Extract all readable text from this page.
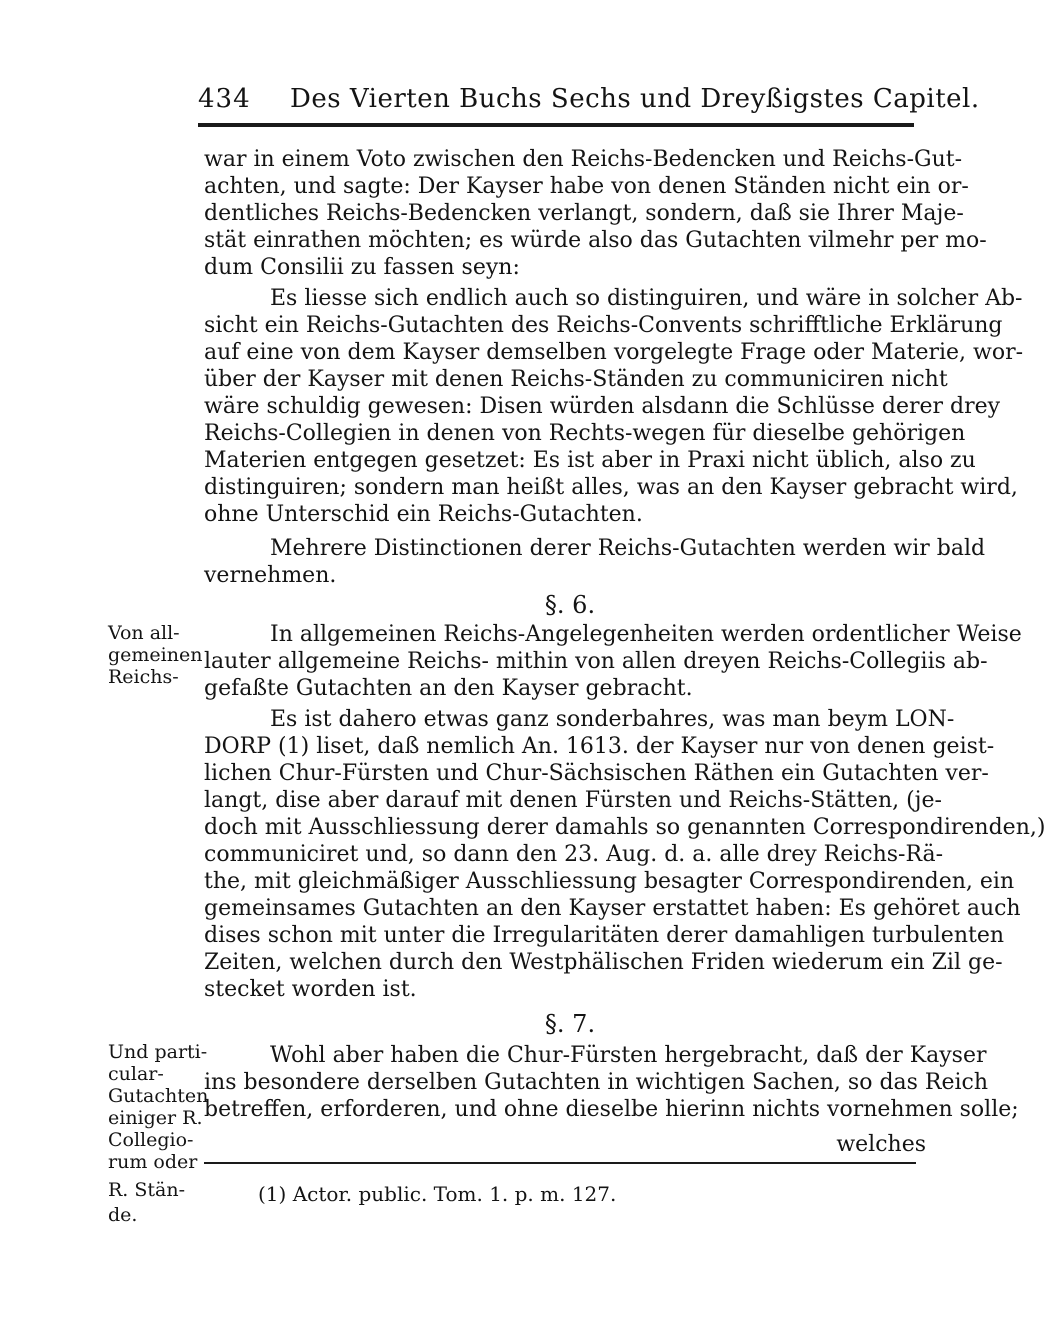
434 Des Vierten Buchs Sechs und Dreyßigstes Capitel.
war in einem Voto zwischen den Reichs-Bedencken und Reichs-Gut-
achten, und sagte: Der Kayser habe von denen Ständen nicht ein or-
dentliches Reichs-Bedencken verlangt, sondern, daß sie Ihrer Maje-
stät einrathen möchten; es würde also das Gutachten vilmehr per mo-
dum Consilii zu fassen seyn:
Es liesse sich endlich auch so distinguiren, und wäre in solcher Ab-
sicht ein Reichs-Gutachten des Reichs-Convents schrifftliche Erklärung
auf eine von dem Kayser demselben vorgelegte Frage oder Materie, wor-
über der Kayser mit denen Reichs-Ständen zu communiciren nicht
wäre schuldig gewesen: Disen würden alsdann die Schlüsse derer drey
Reichs-Collegien in denen von Rechts-wegen für dieselbe gehörigen
Materien entgegen gesetzet: Es ist aber in Praxi nicht üblich, also zu
distinguiren; sondern man heißt alles, was an den Kayser gebracht wird,
ohne Unterschid ein Reichs-Gutachten.
Mehrere Distinctionen derer Reichs-Gutachten werden wir bald
vernehmen.
§. 6.
In allgemeinen Reichs-Angelegenheiten werden ordentlicher Weise
lauter allgemeine Reichs- mithin von allen dreyen Reichs-Collegiis ab-
gefaßte Gutachten an den Kayser gebracht.
Es ist dahero etwas ganz sonderbahres, was man beym LON-
DORP (1) liset, daß nemlich An. 1613. der Kayser nur von denen geist-
lichen Chur-Fürsten und Chur-Sächsischen Räthen ein Gutachten ver-
langt, dise aber darauf mit denen Fürsten und Reichs-Stätten, (je-
doch mit Ausschliessung derer damahls so genannten Correspondirenden,)
communiciret und, so dann den 23. Aug. d. a. alle drey Reichs-Rä-
the, mit gleichmäßiger Ausschliessung besagter Correspondirenden, ein
gemeinsames Gutachten an den Kayser erstattet haben: Es gehöret auch
dises schon mit unter die Irregularitäten derer damahligen turbulenten
Zeiten, welchen durch den Westphälischen Friden wiederum ein Zil ge-
stecket worden ist.
§. 7.
Wohl aber haben die Chur-Fürsten hergebracht, daß der Kayser
ins besondere derselben Gutachten in wichtigen Sachen, so das Reich
betreffen, erforderen, und ohne dieselbe hierinn nichts vornehmen solle;
welches
Von all-
gemeinen
Reichs-
Und parti-
cular-
Gutachten
einiger R.
Collegio-
rum oder
R. Stän-
de.
(1) Actor. public. Tom. 1. p. m. 127.
